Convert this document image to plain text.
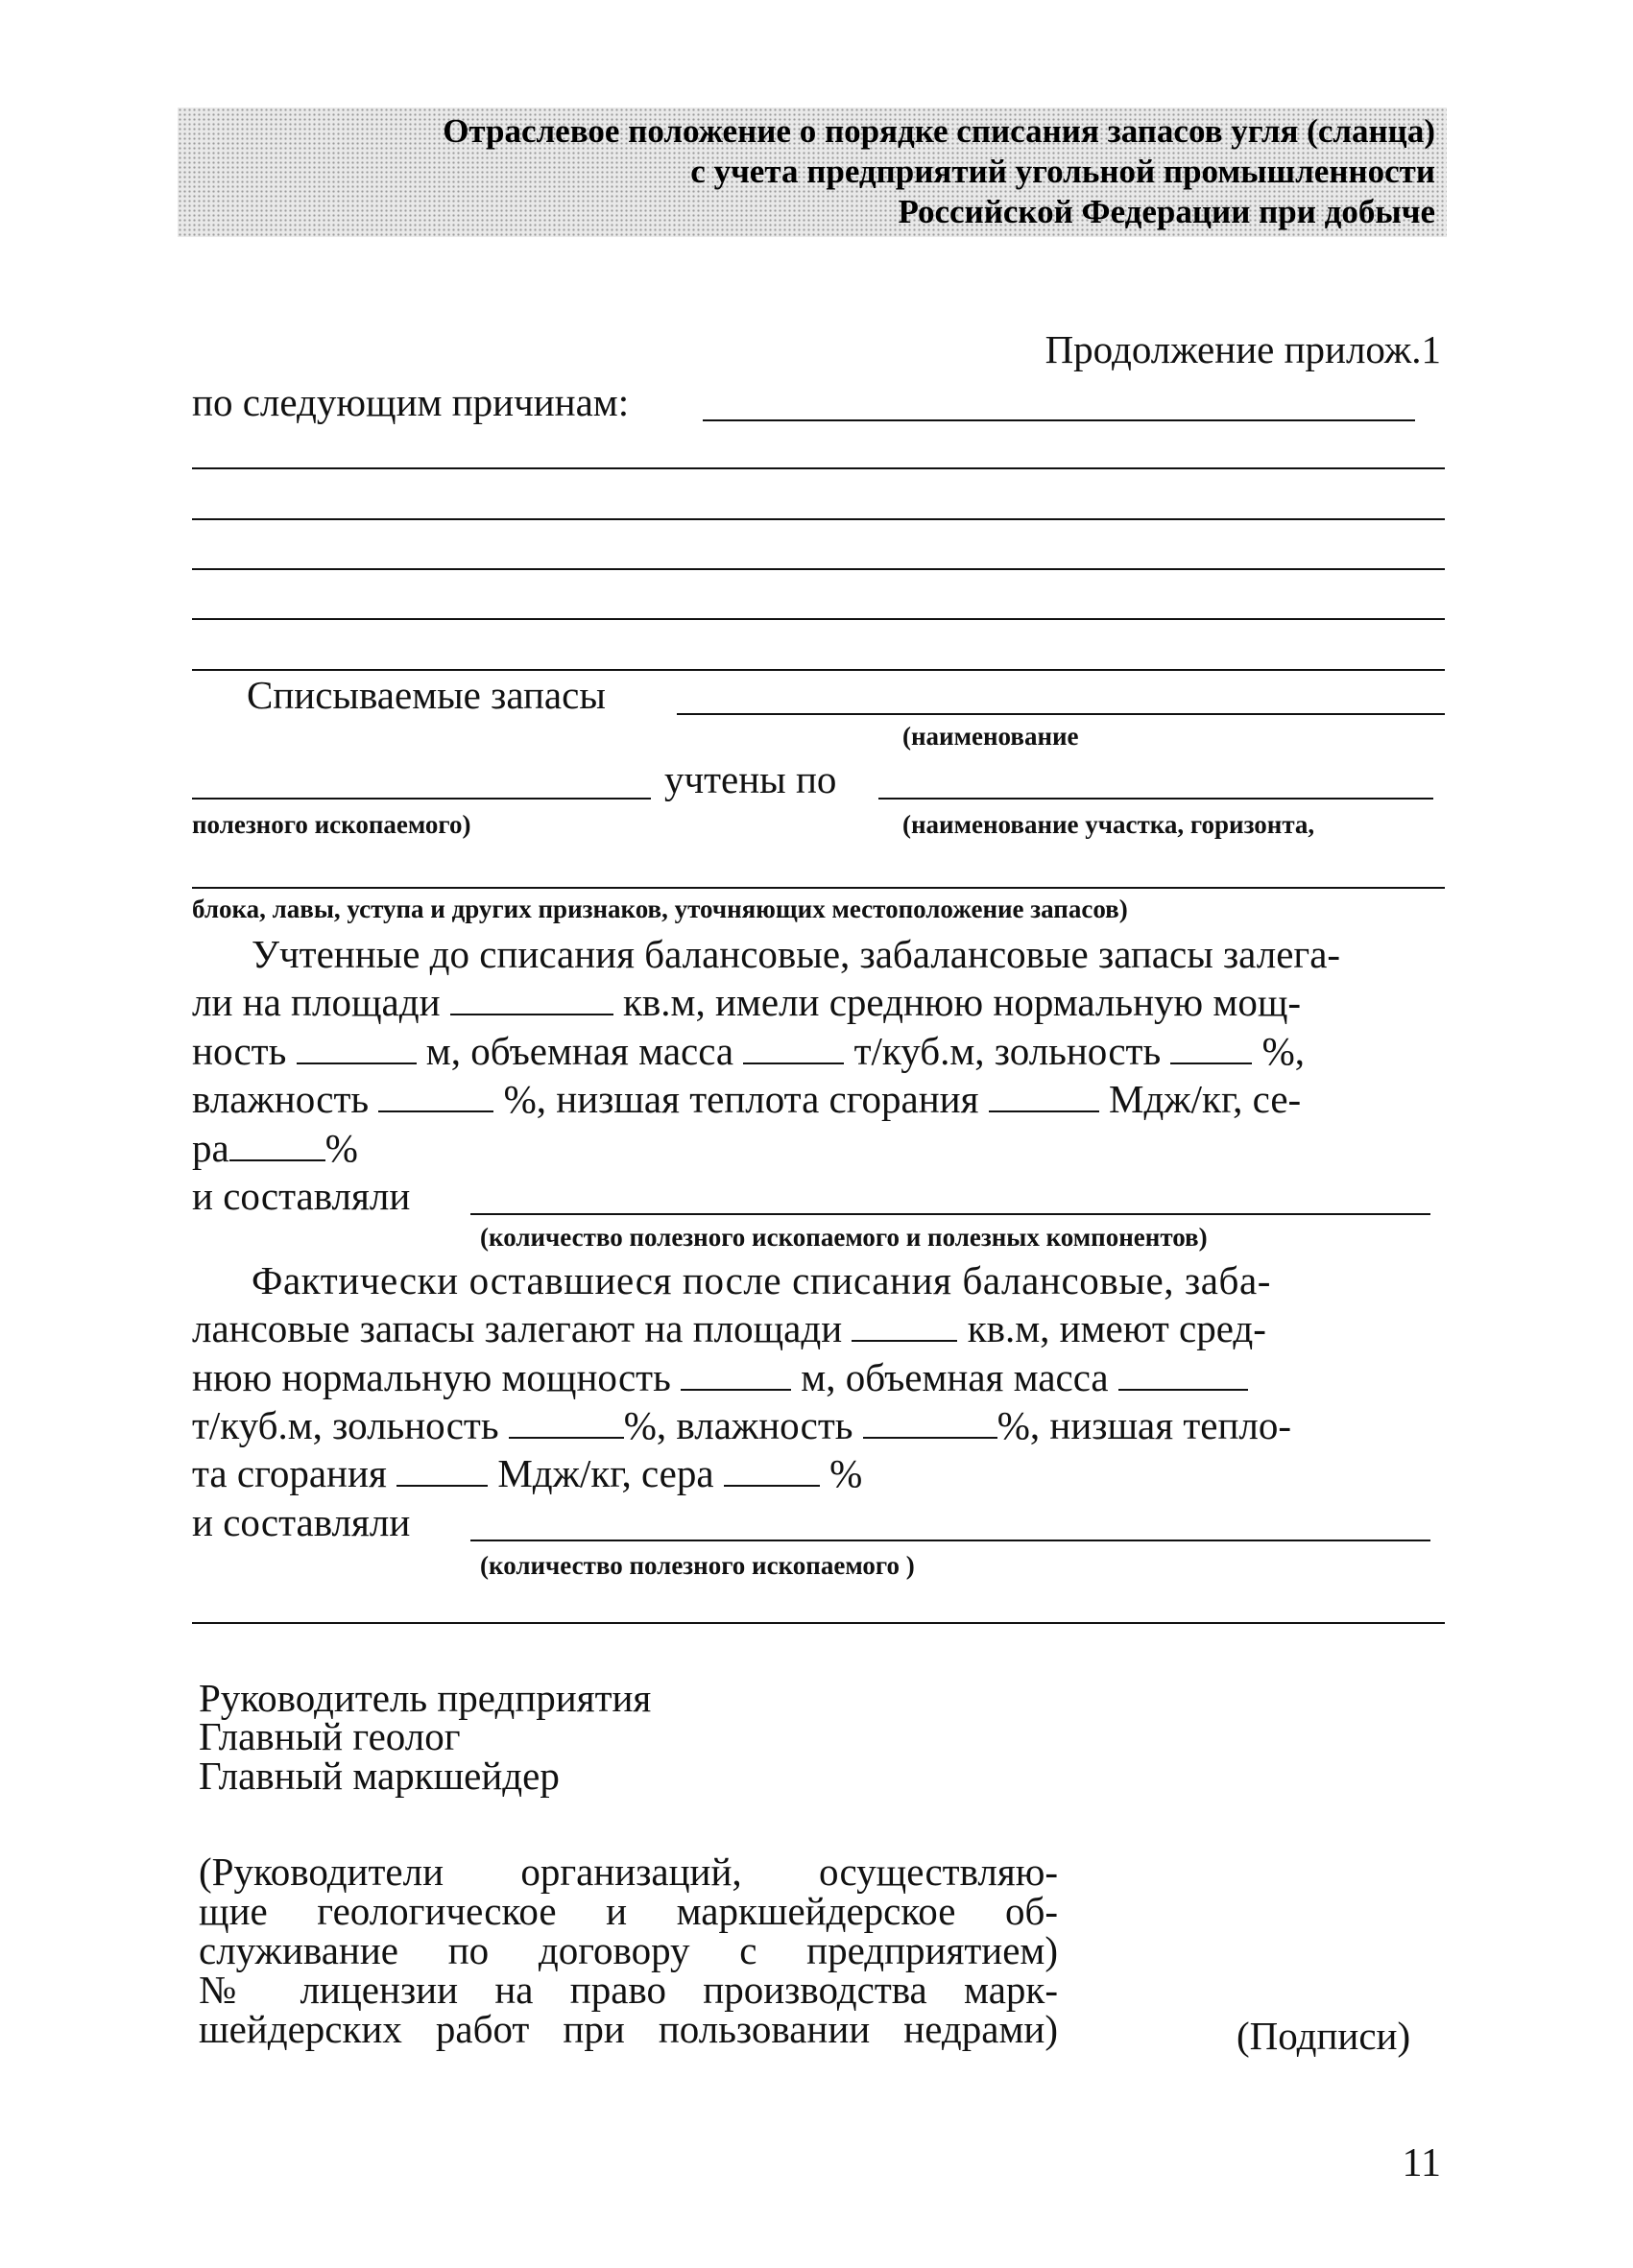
Отраслевое положение о порядке списания запасов угля (сланца)
с учета предприятий угольной промышленности
Российской Федерации при добыче
Продолжение прилож.1
по следующим причинам:
Списываемые запасы
(наименование
учтены по
полезного ископаемого)	(наименование участка, горизонта,
блока, лавы, уступа и других признаков, уточняющих местоположение запасов)
Учтенные до списания балансовые, забалансовые запасы залега-
ли на площади	кв.м, имели среднюю нормальную мощ-
ность	м, объемная масса	т/куб.м, зольность	%,
влажность	%, низшая теплота сгорания	Мдж/кг, се-
ра %
и составляли
(количество полезного ископаемого и полезных компонентов)
Фактически оставшиеся после списания балансовые, заба-
лансовые запасы залегают на площади	кв.м, имеют сред-
нюю нормальную мощность	м, объемная масса
т/куб.м, зольность	%, влажность	%, низшая тепло-
та сгорания	Мдж/кг, сера	%
и составляли
(количество полезного ископаемого )
Руководитель предприятия
Главный геолог
Главный маркшейдер
(Руководители организаций, осуществляю-
щие геологическое и маркшейдерское об-
служивание по договору с предприятием)
№ лицензии на право производства марк-
шейдерских работ при пользовании недрами)	(Подписи)
11
